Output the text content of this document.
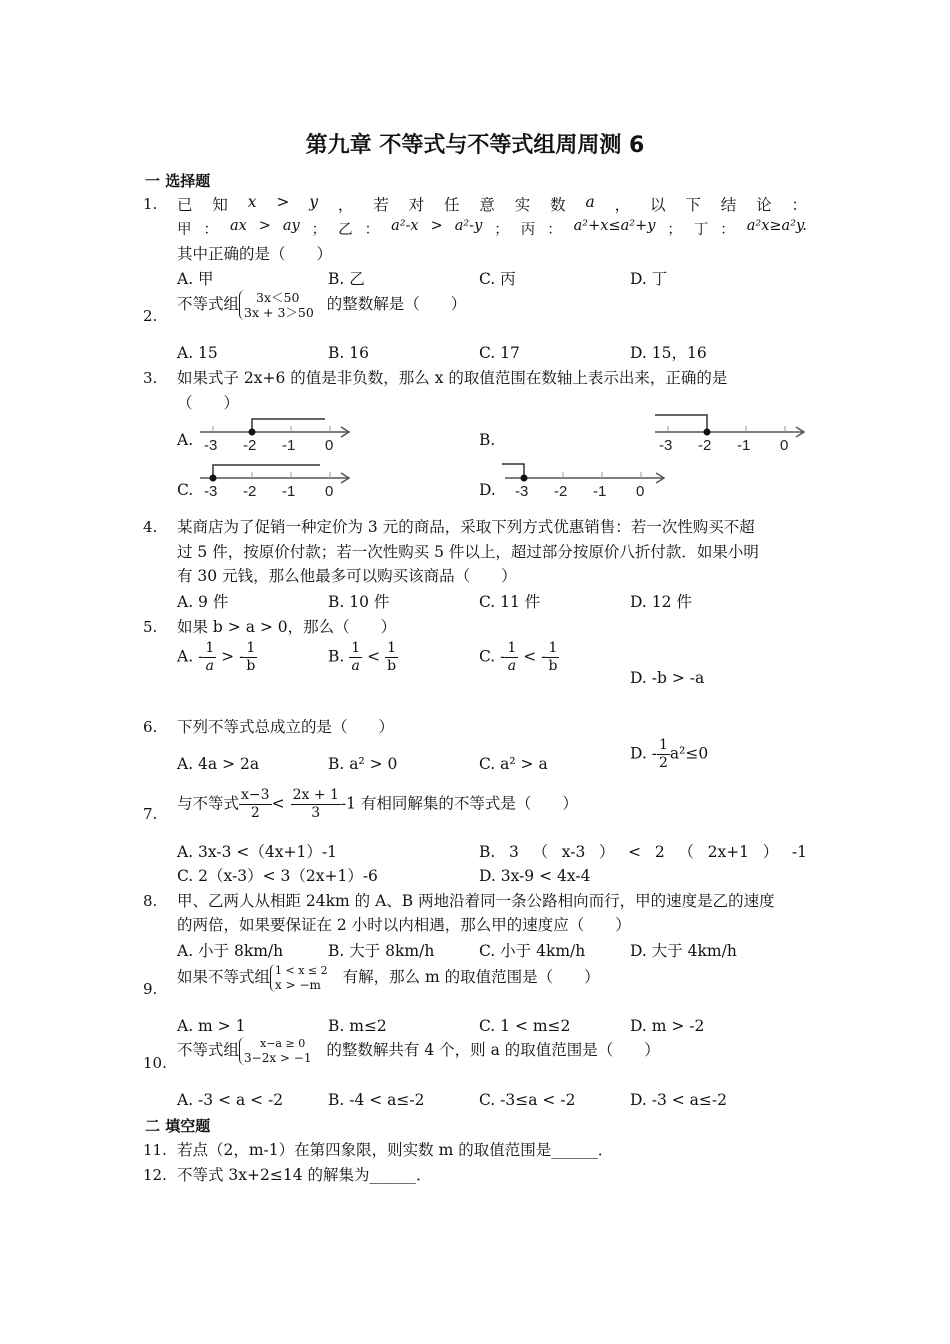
第九章 不等式与不等式组周周测 6
一 选择题
1. 已 知 x > y ， 若 对 任 意 实 数 a ， 以 下 结 论 ：
甲 ： ax > ay ； 乙 ： a²-x > a²-y ； 丙 ： a²+x≤a²+y ； 丁 ： a²x≥a²y.
其中正确的是（　　）
A. 甲	B. 乙	C. 丙	D. 丁
2.
不等式组	3x＜50
3x + 3＞50 的整数解是（　　）
A. 15	B. 16	C. 17	D. 15，16
3. 如果式子 2x+6 的值是非负数，那么 x 的取值范围在数轴上表示出来，正确的是
（　　）
A. -3 -2 -1 0	B.	-3 -2 -1 0
C. -3 -2 -1 0	D. -3 -2 -1 0
4. 某商店为了促销一种定价为 3 元的商品，采取下列方式优惠销售：若一次性购买不超
过 5 件，按原价付款；若一次性购买 5 件以上，超过部分按原价八折付款．如果小明
有 30 元钱，那么他最多可以购买该商品（　　）
A. 9 件	B. 10 件	C. 11 件	D. 12 件
5. 如果 b > a > 0，那么（　　）
A. - $\frac{1}{a}$ > - $\frac{1}{b}$	B. $\frac{1}{a} < \frac{1}{b}$	C. - $\frac{1}{a}$ < - $\frac{1}{b}$
D. -b > -a
6. 下列不等式总成立的是（　　）
A. 4a > 2a	B. a² > 0	C. a² > a
D. - $\frac{1}{2} a^2\le 0$
7.
与不等式 $\frac{x-3}{2} < \frac{2x + 1}{3} -1$ 有相同解集的不等式是（　　）
A. 3x-3 <（4x+1）-1	B. 3 （ x-3 ） < 2 （ 2x+1 ） -1
C. 2（x-3）< 3（2x+1）-6	D. 3x-9 < 4x-4
8. 甲、乙两人从相距 24km 的 A、B 两地沿着同一条公路相向而行，甲的速度是乙的速度
的两倍，如果要保证在 2 小时以内相遇，那么甲的速度应（　　）
A. 小于 8km/h	B. 大于 8km/h	C. 小于 4km/h	D. 大于 4km/h
9.
如果不等式组 1 < x ≤ 2
x > −m	有解，那么 m 的取值范围是（　　）
A. m > 1	B. m≤2	C. 1 < m≤2	D. m > -2
10.
不等式组	x−a ≥ 0
3−2x > −1 的整数解共有 4 个，则 a 的取值范围是（　　）
A. -3 < a < -2	B. -4 < a≤-2	C. -3≤a < -2	D. -3 < a≤-2
二 填空题
11. 若点（2，m-1）在第四象限，则实数 m 的取值范围是______．
12. 不等式 3x+2≤14 的解集为______．
